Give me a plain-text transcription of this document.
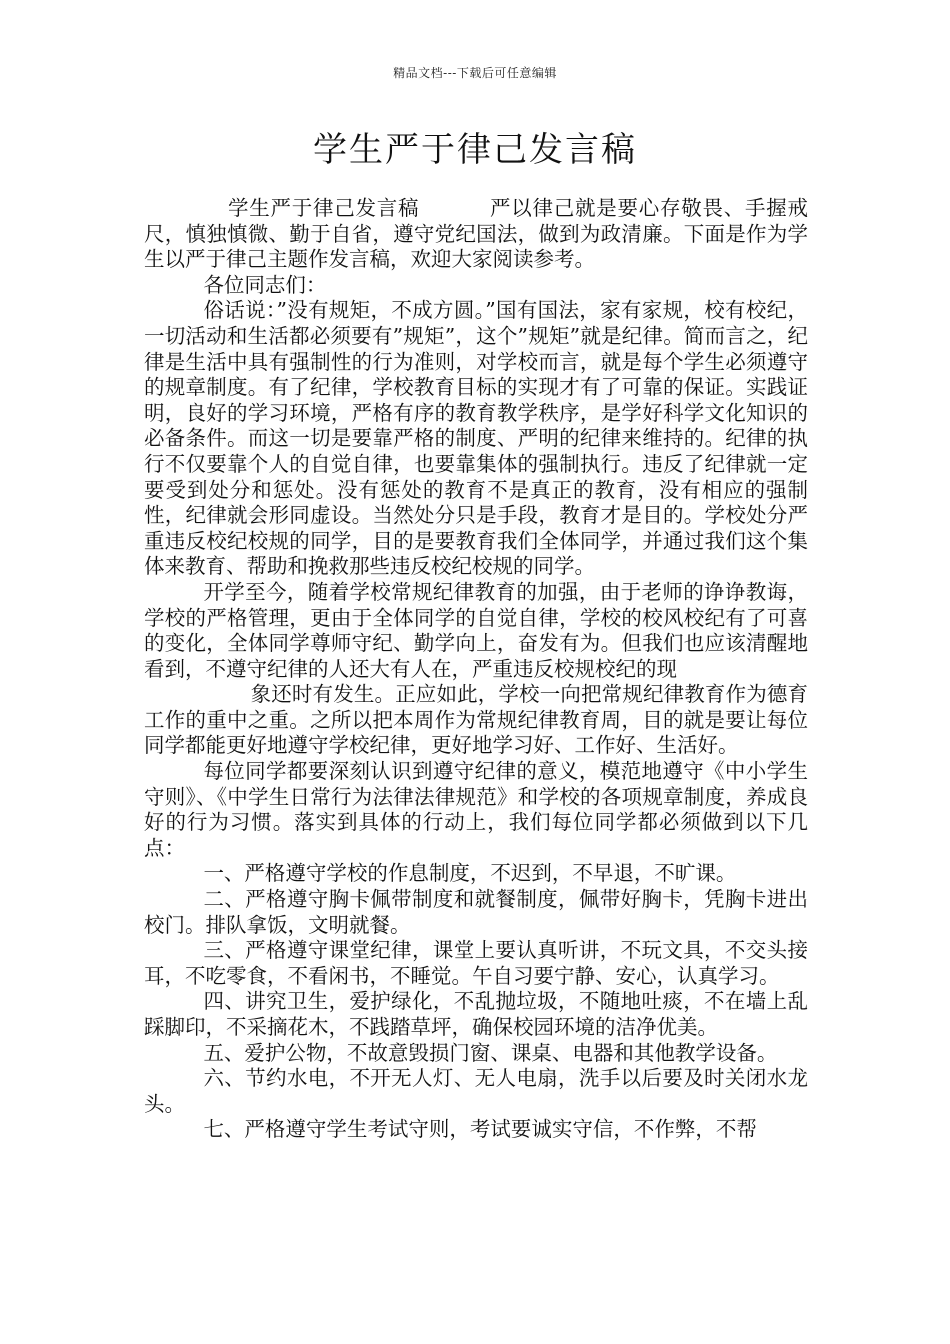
精品文档---下载后可任意编辑
学生严于律己发言稿

学生严于律己发言稿	严以律己就是要心存敬畏、手握戒尺，慎独慎微、勤于自省，遵守党纪国法，做到为政清廉。下面是作为学生以严于律己主题作发言稿，欢迎大家阅读参考。

各位同志们：

俗话说：”没有规矩，不成方圆。”国有国法，家有家规，校有校纪，一切活动和生活都必须要有”规矩”，这个”规矩”就是纪律。简而言之，纪律是生活中具有强制性的行为准则，对学校而言，就是每个学生必须遵守的规章制度。有了纪律，学校教育目标的实现才有了可靠的保证。实践证明，良好的学习环境，严格有序的教育教学秩序，是学好科学文化知识的必备条件。而这一切是要靠严格的制度、严明的纪律来维持的。纪律的执行不仅要靠个人的自觉自律，也要靠集体的强制执行。违反了纪律就一定要受到处分和惩处。没有惩处的教育不是真正的教育，没有相应的强制性，纪律就会形同虚设。当然处分只是手段，教育才是目的。学校处分严重违反校纪校规的同学，目的是要教育我们全体同学，并通过我们这个集体来教育、帮助和挽救那些违反校纪校规的同学。

开学至今，随着学校常规纪律教育的加强，由于老师的诤诤教诲，学校的严格管理，更由于全体同学的自觉自律，学校的校风校纪有了可喜的变化，全体同学尊师守纪、勤学向上，奋发有为。但我们也应该清醒地看到，不遵守纪律的人还大有人在，严重违反校规校纪的现

象还时有发生。正应如此，学校一向把常规纪律教育作为德育工作的重中之重。之所以把本周作为常规纪律教育周，目的就是要让每位同学都能更好地遵守学校纪律，更好地学习好、工作好、生活好。

每位同学都要深刻认识到遵守纪律的意义，模范地遵守《中小学生守则》、《中学生日常行为法律法律规范》和学校的各项规章制度，养成良好的行为习惯。落实到具体的行动上，我们每位同学都必须做到以下几点：

一、严格遵守学校的作息制度，不迟到，不早退，不旷课。

二、严格遵守胸卡佩带制度和就餐制度，佩带好胸卡，凭胸卡进出校门。排队拿饭，文明就餐。

三、严格遵守课堂纪律，课堂上要认真听讲，不玩文具，不交头接耳，不吃零食，不看闲书，不睡觉。午自习要宁静、安心，认真学习。

四、讲究卫生，爱护绿化，不乱抛垃圾，不随地吐痰，不在墙上乱踩脚印，不采摘花木，不践踏草坪，确保校园环境的洁净优美。

五、爱护公物，不故意毁损门窗、课桌、电器和其他教学设备。

六、节约水电，不开无人灯、无人电扇，洗手以后要及时关闭水龙头。

七、严格遵守学生考试守则，考试要诚实守信，不作弊，不帮
